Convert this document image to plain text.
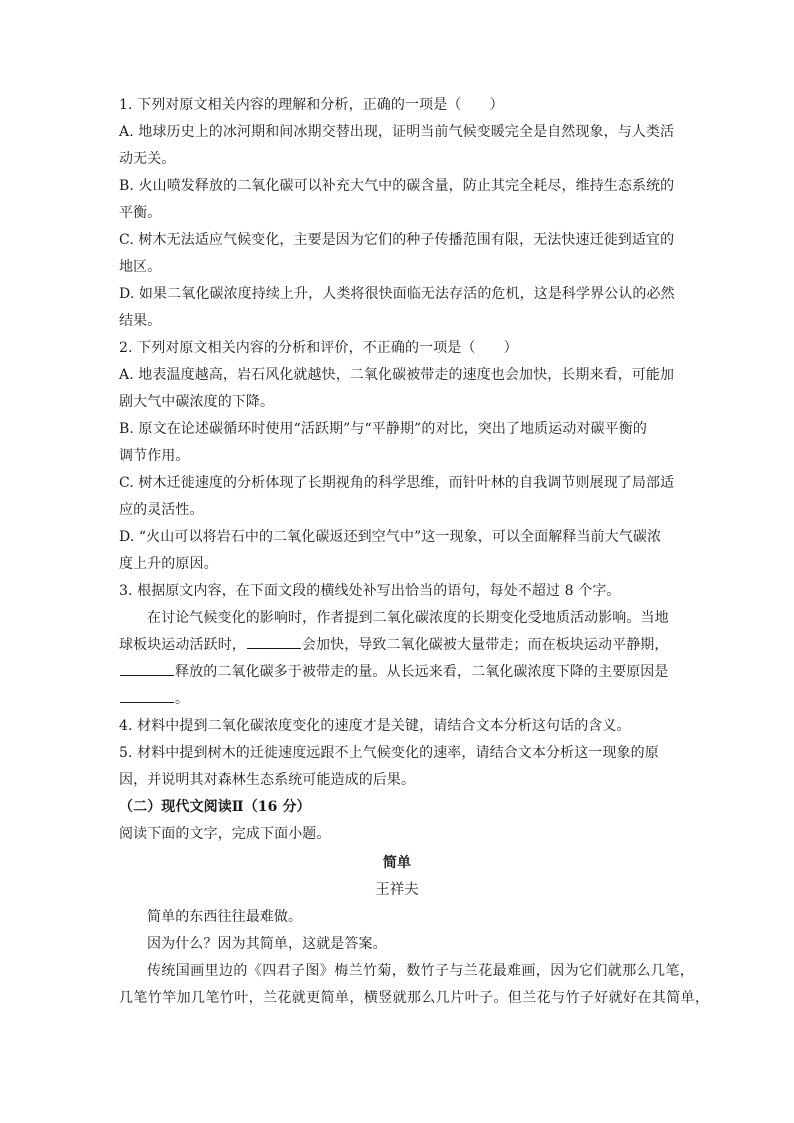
1. 下列对原文相关内容的理解和分析，正确的一项是（　　）
A. 地球历史上的冰河期和间冰期交替出现，证明当前气候变暖完全是自然现象，与人类活
动无关。
B. 火山喷发释放的二氧化碳可以补充大气中的碳含量，防止其完全耗尽，维持生态系统的
平衡。
C. 树木无法适应气候变化，主要是因为它们的种子传播范围有限，无法快速迁徙到适宜的
地区。
D. 如果二氧化碳浓度持续上升，人类将很快面临无法存活的危机，这是科学界公认的必然
结果。
2. 下列对原文相关内容的分析和评价，不正确的一项是（　　）
A. 地表温度越高，岩石风化就越快，二氧化碳被带走的速度也会加快，长期来看，可能加
剧大气中碳浓度的下降。
B. 原文在论述碳循环时使用“活跃期”与“平静期”的对比，突出了地质运动对碳平衡的
调节作用。
C. 树木迁徙速度的分析体现了长期视角的科学思维，而针叶林的自我调节则展现了局部适
应的灵活性。
D. “火山可以将岩石中的二氧化碳返还到空气中”这一现象，可以全面解释当前大气碳浓
度上升的原因。
3. 根据原文内容，在下面文段的横线处补写出恰当的语句，每处不超过 8 个字。
在讨论气候变化的影响时，作者提到二氧化碳浓度的长期变化受地质活动影响。当地
球板块运动活跃时，	会加快，导致二氧化碳被大量带走；而在板块运动平静期，
释放的二氧化碳多于被带走的量。从长远来看，二氧化碳浓度下降的主要原因是
。
4. 材料中提到二氧化碳浓度变化的速度才是关键，请结合文本分析这句话的含义。
5. 材料中提到树木的迁徙速度远跟不上气候变化的速率，请结合文本分析这一现象的原
因，并说明其对森林生态系统可能造成的后果。
（二）现代文阅读Ⅱ（16 分）
阅读下面的文字，完成下面小题。
简单
王祥夫
简单的东西往往最难做。
因为什么？因为其简单，这就是答案。
传统国画里边的《四君子图》梅兰竹菊，数竹子与兰花最难画，因为它们就那么几笔，
几笔竹竿加几笔竹叶，兰花就更简单，横竖就那么几片叶子。但兰花与竹子好就好在其简单，
